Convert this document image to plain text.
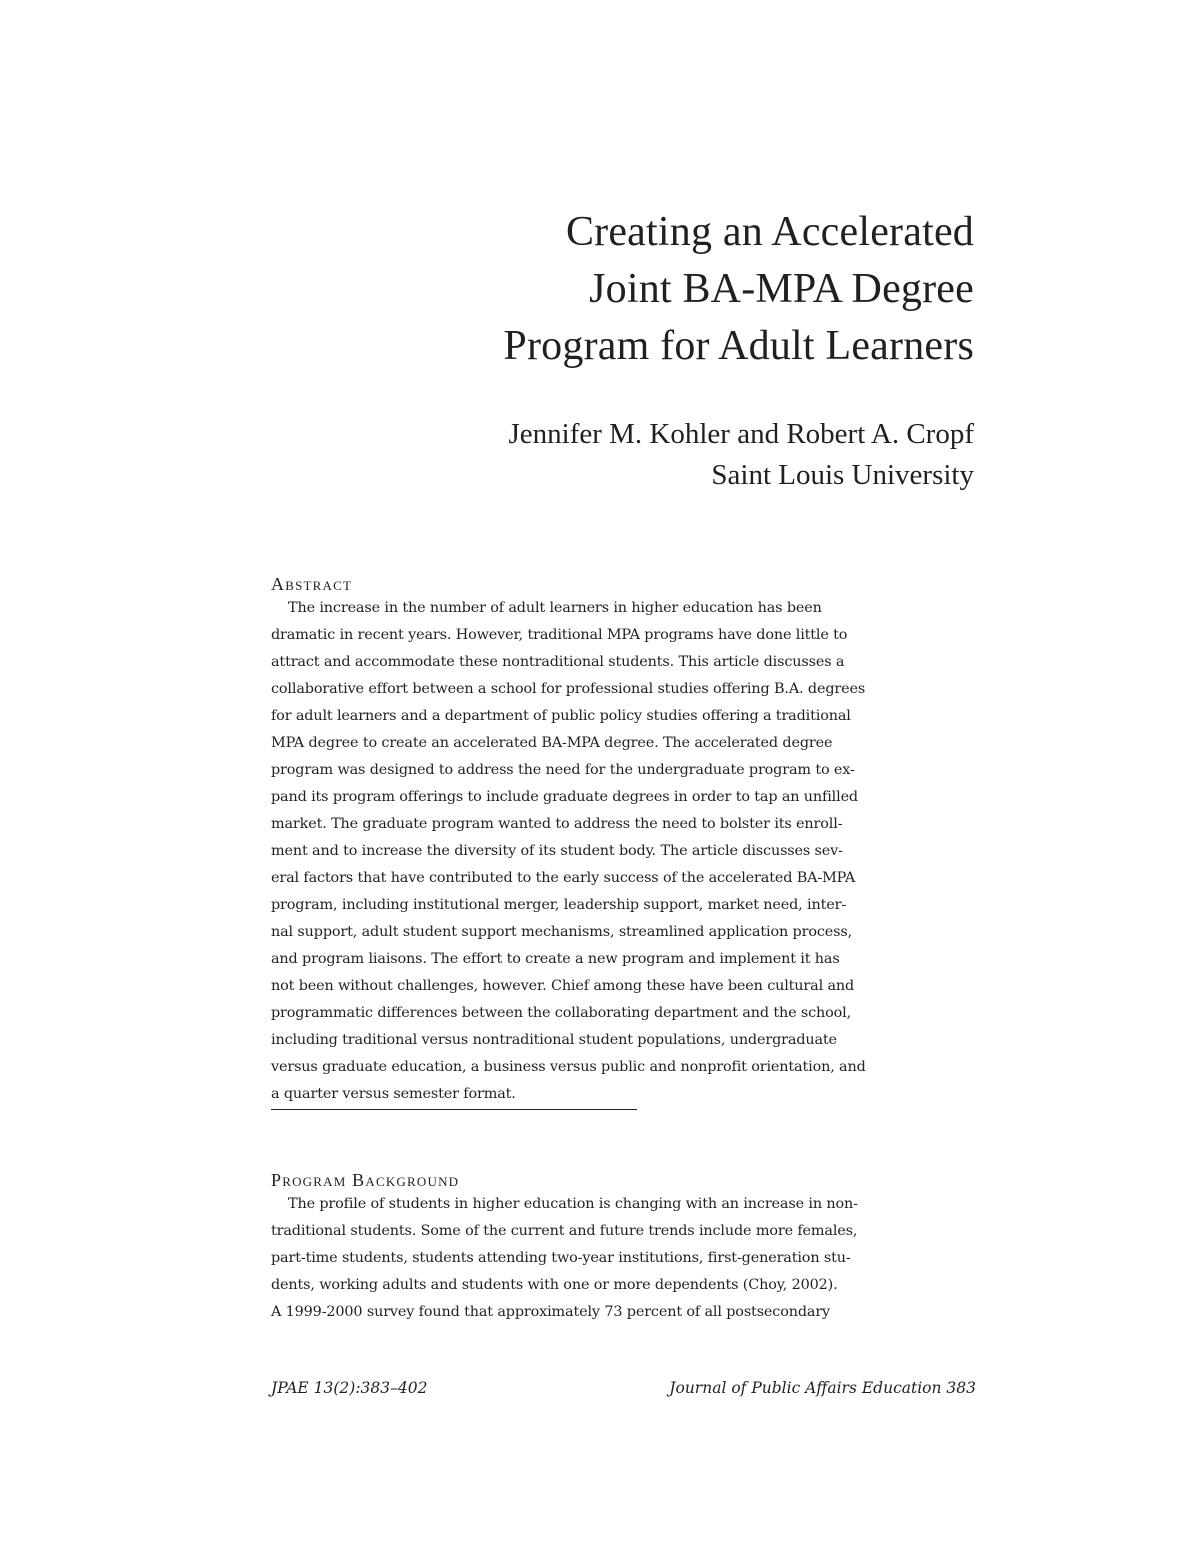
Creating an Accelerated
Joint BA-MPA Degree
Program for Adult Learners
Jennifer M. Kohler and Robert A. Cropf
Saint Louis University
Abstract
The increase in the number of adult learners in higher education has been
dramatic in recent years. However, traditional MPA programs have done little to
attract and accommodate these nontraditional students. This article discusses a
collaborative effort between a school for professional studies offering B.A. degrees
for adult learners and a department of public policy studies offering a traditional
MPA degree to create an accelerated BA-MPA degree. The accelerated degree
program was designed to address the need for the undergraduate program to ex-
pand its program offerings to include graduate degrees in order to tap an unfilled
market. The graduate program wanted to address the need to bolster its enroll-
ment and to increase the diversity of its student body. The article discusses sev-
eral factors that have contributed to the early success of the accelerated BA-MPA
program, including institutional merger, leadership support, market need, inter-
nal support, adult student support mechanisms, streamlined application process,
and program liaisons. The effort to create a new program and implement it has
not been without challenges, however. Chief among these have been cultural and
programmatic differences between the collaborating department and the school,
including traditional versus nontraditional student populations, undergraduate
versus graduate education, a business versus public and nonprofit orientation, and
a quarter versus semester format.
Program Background
The profile of students in higher education is changing with an increase in non-
traditional students. Some of the current and future trends include more females,
part-time students, students attending two-year institutions, first-generation stu-
dents, working adults and students with one or more dependents (Choy, 2002).
A 1999-2000 survey found that approximately 73 percent of all postsecondary
JPAE 13(2):383–402	Journal of Public Affairs Education 383
